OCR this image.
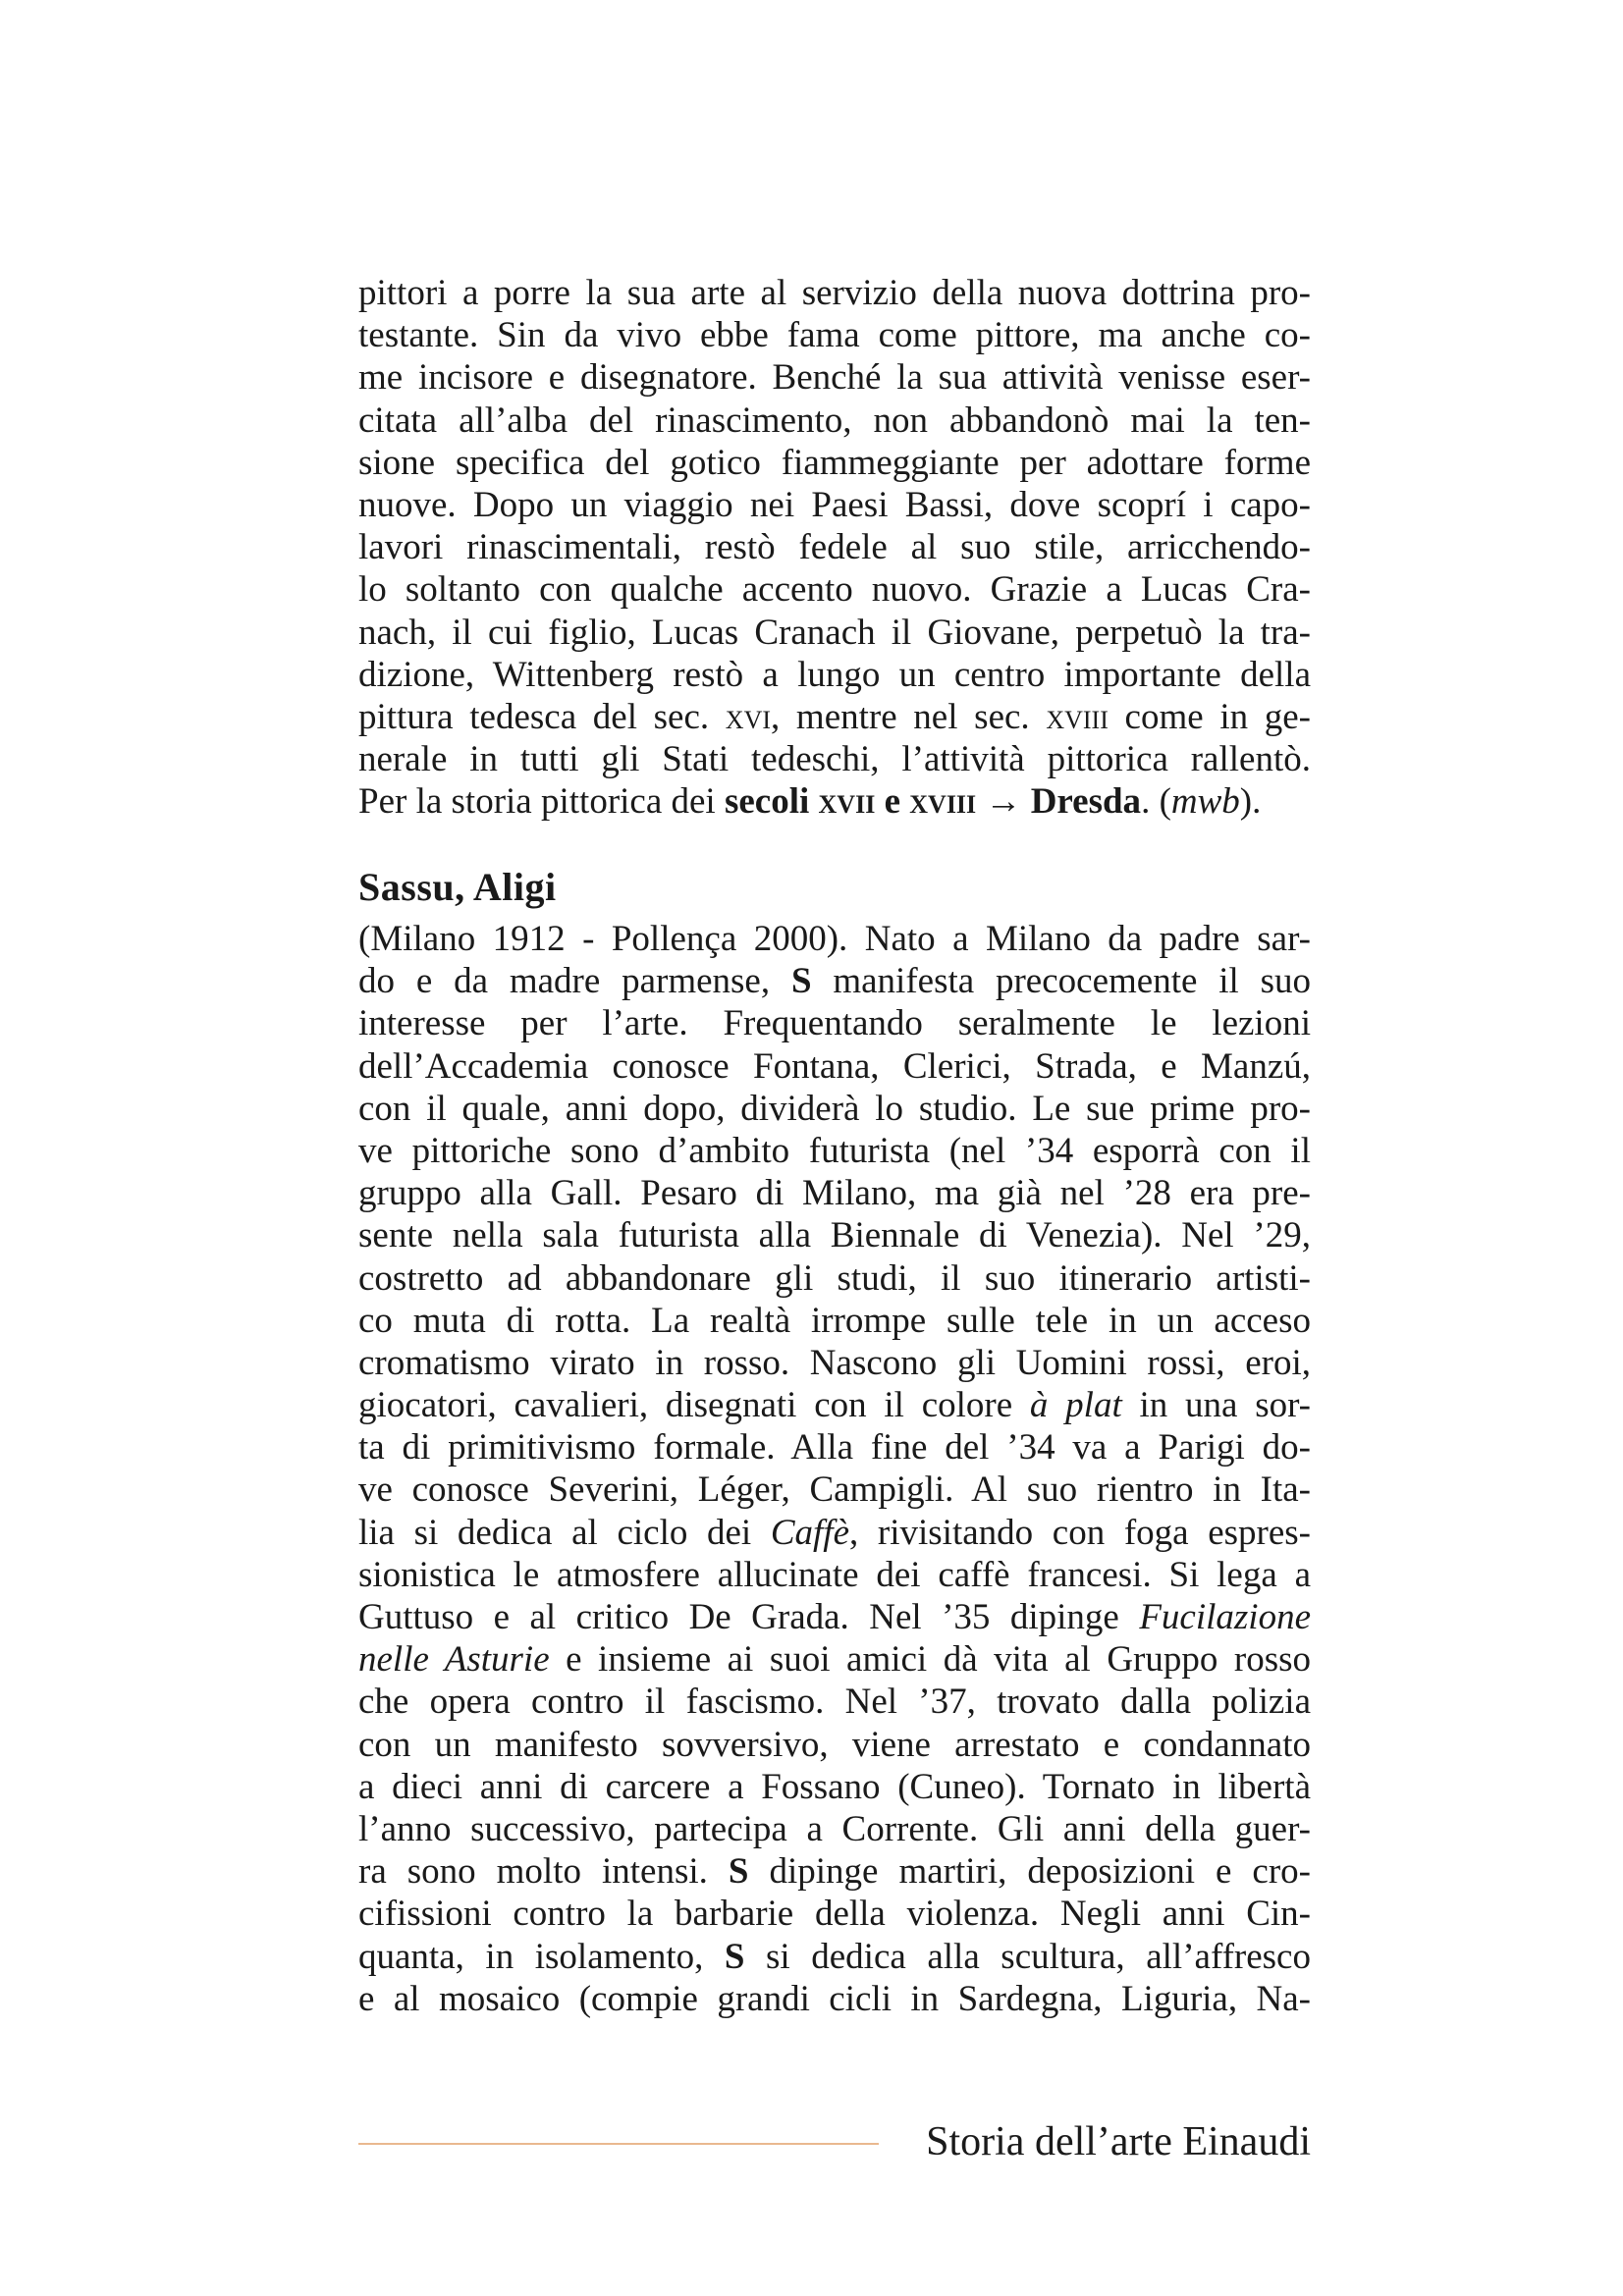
pittori a porre la sua arte al servizio della nuova dottrina pro-
testante. Sin da vivo ebbe fama come pittore, ma anche co-
me incisore e disegnatore. Benché la sua attività venisse eser-
citata all’alba del rinascimento, non abbandonò mai la ten-
sione specifica del gotico fiammeggiante per adottare forme
nuove. Dopo un viaggio nei Paesi Bassi, dove scoprí i capo-
lavori rinascimentali, restò fedele al suo stile, arricchendo-
lo soltanto con qualche accento nuovo. Grazie a Lucas Cra-
nach, il cui figlio, Lucas Cranach il Giovane, perpetuò la tra-
dizione, Wittenberg restò a lungo un centro importante della
pittura tedesca del sec. xvi, mentre nel sec. xviii come in ge-
nerale in tutti gli Stati tedeschi, l’attività pittorica rallentò.
Per la storia pittorica dei secoli xvii e xviii → Dresda. (mwb).
Sassu, Aligi
(Milano 1912 - Pollença 2000). Nato a Milano da padre sar-
do e da madre parmense, S manifesta precocemente il suo
interesse per l’arte. Frequentando seralmente le lezioni
dell’Accademia conosce Fontana, Clerici, Strada, e Manzú,
con il quale, anni dopo, dividerà lo studio. Le sue prime pro-
ve pittoriche sono d’ambito futurista (nel ’34 esporrà con il
gruppo alla Gall. Pesaro di Milano, ma già nel ’28 era pre-
sente nella sala futurista alla Biennale di Venezia). Nel ’29,
costretto ad abbandonare gli studi, il suo itinerario artisti-
co muta di rotta. La realtà irrompe sulle tele in un acceso
cromatismo virato in rosso. Nascono gli Uomini rossi, eroi,
giocatori, cavalieri, disegnati con il colore à plat in una sor-
ta di primitivismo formale. Alla fine del ’34 va a Parigi do-
ve conosce Severini, Léger, Campigli. Al suo rientro in Ita-
lia si dedica al ciclo dei Caffè, rivisitando con foga espres-
sionistica le atmosfere allucinate dei caffè francesi. Si lega a
Guttuso e al critico De Grada. Nel ’35 dipinge Fucilazione
nelle Asturie e insieme ai suoi amici dà vita al Gruppo rosso
che opera contro il fascismo. Nel ’37, trovato dalla polizia
con un manifesto sovversivo, viene arrestato e condannato
a dieci anni di carcere a Fossano (Cuneo). Tornato in libertà
l’anno successivo, partecipa a Corrente. Gli anni della guer-
ra sono molto intensi. S dipinge martiri, deposizioni e cro-
cifissioni contro la barbarie della violenza. Negli anni Cin-
quanta, in isolamento, S si dedica alla scultura, all’affresco
e al mosaico (compie grandi cicli in Sardegna, Liguria, Na-
Storia dell’arte Einaudi
